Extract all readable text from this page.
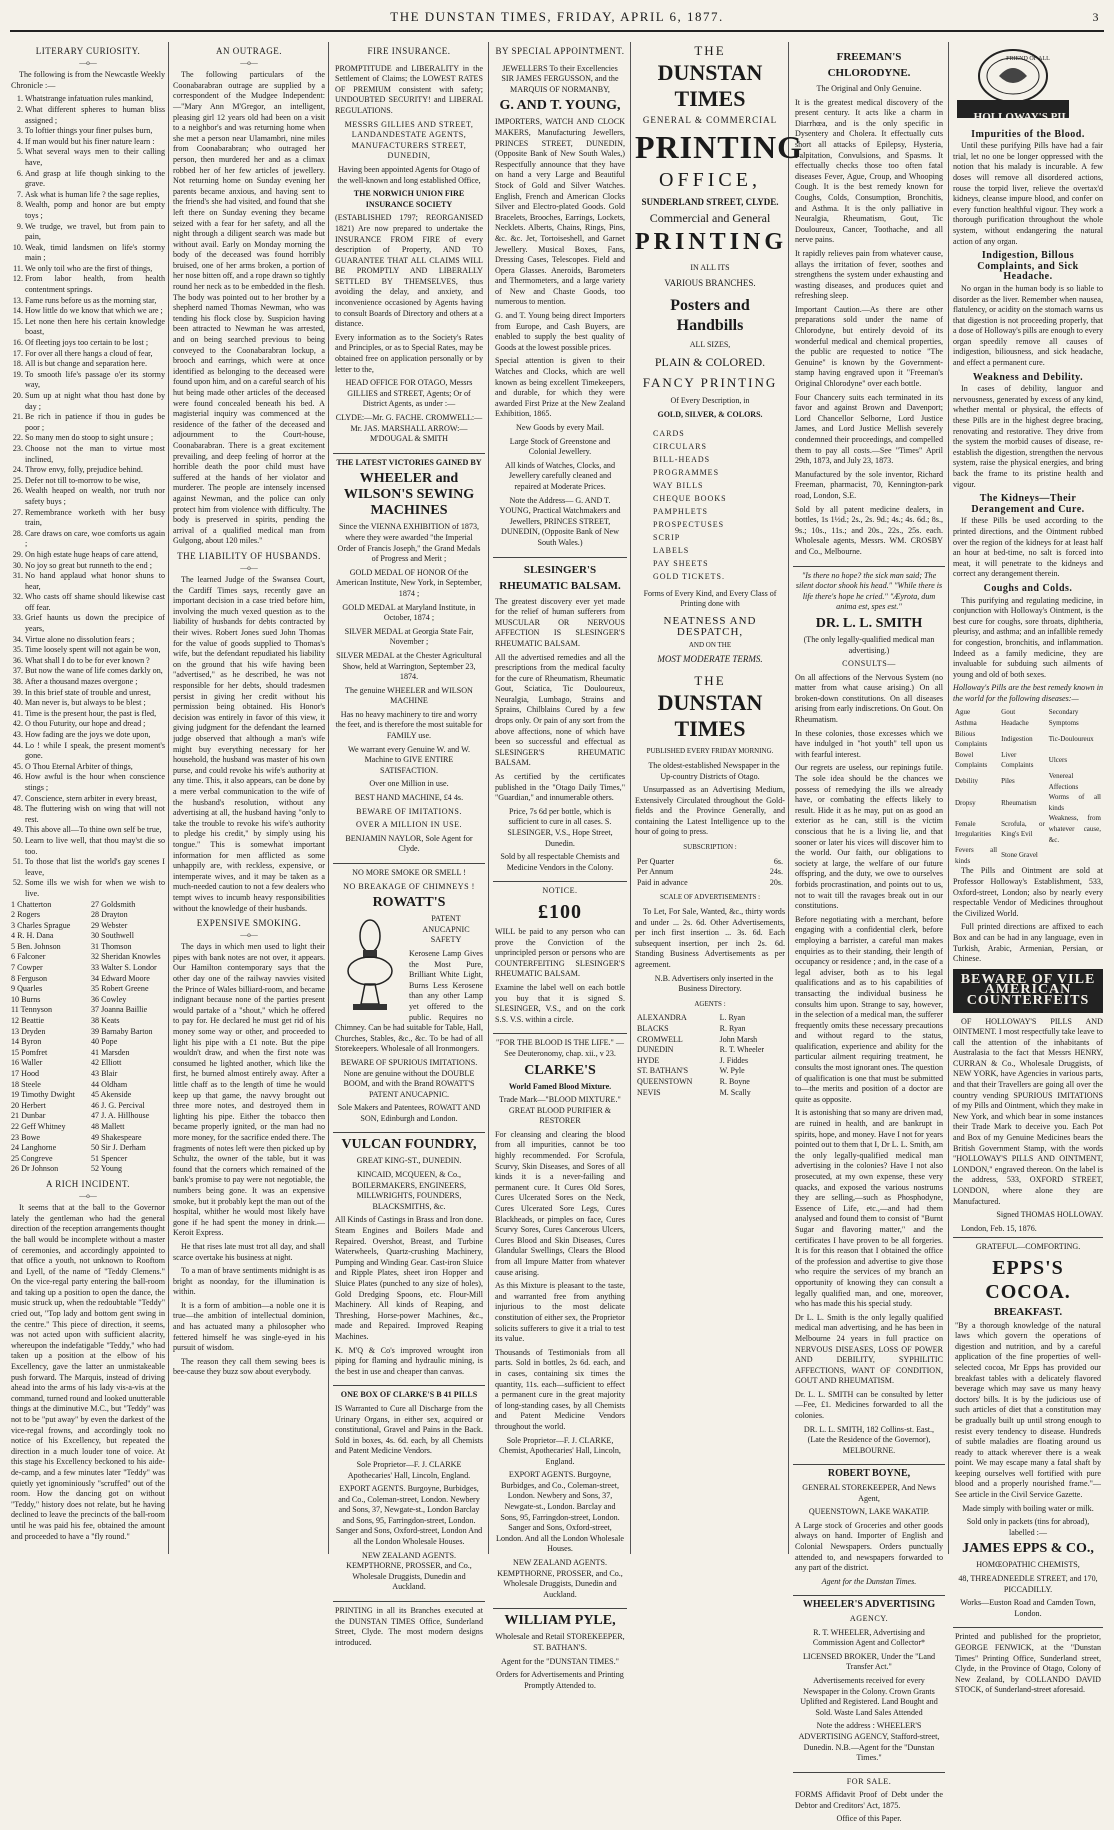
THE DUNSTAN TIMES, FRIDAY, APRIL 6, 1877.	3
LITERARY CURIOSITY.
—o—

The following is from the Newcastle Weekly Chronicle :—

1. Whatstrange infatuation rules mankind,
2. What different spheres to human bliss assigned ;
3. To loftier things your finer pulses burn,
4. If man would but his finer nature learn :
5. What several ways men to their calling have,
6. And grasp at life though sinking to the grave.
7. Ask what is human life ? the sage replies,
8. Wealth, pomp and honor are but empty toys ;
9. We trudge, we travel, but from pain to pain,
10. Weak, timid landsmen on life's stormy main ;
11. We only toil who are the first of things,
12. From labor health, from health contentment springs.
13. Fame runs before us as the morning star,
14. How little do we know that which we are ;
15. Let none then here his certain knowledge boast,
16. Of fleeting joys too certain to be lost ;
17. For over all there hangs a cloud of fear,
18. All is but change and separation here.
19. To smooth life's passage o'er its stormy way,
20. Sum up at night what thou hast done by day ;
21. Be rich in patience if thou in gudes be poor ;
22. So many men do stoop to sight unsure ;
23. Choose not the man to virtue most inclined,
24. Throw envy, folly, prejudice behind.
25. Defer not till to-morrow to be wise,
26. Wealth heaped on wealth, nor truth nor safety buys ;
27. Remembrance worketh with her busy train,
28. Care draws on care, woe comforts us again ;
29. On high estate huge heaps of care attend,
30. No joy so great but runneth to the end ;
31. No hand applaud what honor shuns to hear,
32. Who casts off shame should likewise cast off fear.
33. Grief haunts us down the precipice of years,
34. Virtue alone no dissolution fears ;
35. Time loosely spent will not again be won,
36. What shall I do to be for ever known ?
37. But now the wane of life comes darkly on,
38. After a thousand mazes overgone ;
39. In this brief state of trouble and unrest,
40. Man never is, but always to be blest ;
41. Time is the present hour, the past is fled,
42. O thou Futurity, our hope and dread ;
43. How fading are the joys we dote upon,
44. Lo ! while I speak, the present moment's gone.
45. O Thou Eternal Arbiter of things,
46. How awful is the hour when conscience stings ;
47. Conscience, stern arbiter in every breast,
48. The fluttering wish on wing that will not rest.
49. This above all—To thine own self be true,
50. Learn to live well, that thou may'st die so too.
51. To those that list the world's gay scenes I leave,
52. Some ills we wish for when we wish to live.
1 Chatterton	27 Goldsmith
2 Rogers	28 Drayton
3 Charles Sprague	29 Webster
4 R. H. Dana	30 Southwell
5 Ben. Johnson	31 Thomson
6 Falconer	32 Sheridan Knowles
7 Cowper	33 Walter S. Londor
8 Ferguson	34 Edward Moore
9 Quarles	35 Robert Greene
10 Burns	36 Cowley
11 Tennyson	37 Joanna Baillie
12 Beattie	38 Keats
13 Dryden	39 Barnaby Barton
14 Byron	40 Pope
15 Pomfret	41 Marsden
16 Waller	42 Elliott
17 Hood	43 Blair
18 Steele	44 Oldham
19 Timothy Dwight	45 Akenside
20 Herbert	46 J. G. Percival
21 Dunbar	47 J. A. Hillhouse
22 Geff Whitney	48 Mallett
23 Bowe	49 Shakespeare
24 Langhorne	50 Sir J. Derham
25 Congreve	51 Spencer
26 Dr Johnson	52 Young
A RICH INCIDENT.
—o—

It seems that at the ball to the Governor lately the gentleman who had the general direction of the reception arrangements thought the ball would be incomplete without a master of ceremonies, and accordingly appointed to that office a youth, not unknown to Rooftom and Lyell, of the name of "Teddy Clemens." On the vice-regal party entering the ball-room and taking up a position to open the dance, the music struck up, when the redoubtable "Teddy" cried out, "Top lady and bottom gent swing in the centre." This piece of direction, it seems, was not acted upon with sufficient alacrity, whereupon the indefatigable "Teddy," who had taken up a position at the elbow of his Excellency, gave the latter an unmistakeable push forward. The Marquis, instead of driving ahead into the arms of his lady vis-a-vis at the command, turned round and looked unutterable things at the diminutive M.C., but "Teddy" was not to be "put away" by even the darkest of the vice-regal frowns, and accordingly took no notice of his Excellency, but repeated the direction in a much louder tone of voice. At this stage his Excellency beckoned to his aide-de-camp, and a few minutes later "Teddy" was quietly yet ignominiously "scruffed" out of the room. How the dancing got on without "Teddy," history does not relate, but he having declined to leave the precincts of the ball-room until he was paid his fee, obtained the amount and proceeded to have a "fly round."

AN OUTRAGE.
—o—

The following particulars of the Coonabarabran outrage are supplied by a correspondent of the Mudgee Independent:—"Mary Ann M'Gregor, an intelligent, pleasing girl 12 years old had been on a visit to a neighbor's and was returning home when she met a person near Ulamambri, nine miles from Coonabarabran; who outraged her person, then murdered her and as a climax robbed her of her few articles of jewellery. Not returning home on Sunday evening her parents became anxious, and having sent to the friend's she had visited, and found that she left there on Sunday evening they became seized with a fear for her safety, and all the night through a diligent search was made but without avail. Early on Monday morning the body of the deceased was found horribly bruised, one of her arms broken, a portion of her nose bitten off, and a rope drawn so tightly round her neck as to be embedded in the flesh. The body was pointed out to her brother by a shepherd named Thomas Newman, who was tending his flock close by. Suspicion having been attracted to Newman he was arrested, and on being searched previous to being conveyed to the Coonabarabran lockup, a brooch and earrings, which were at once identified as belonging to the deceased were found upon him, and on a careful search of his hut being made other articles of the deceased were found concealed beneath his bed. A magisterial inquiry was commenced at the residence of the father of the deceased and adjournment to the Court-house, Coonabarabran. There is a great excitement prevailing, and deep feeling of horror at the horrible death the poor child must have suffered at the hands of her violator and murderer. The people are intensely incensed against Newman, and the police can only protect him from violence with difficulty. The body is preserved in spirits, pending the arrival of a qualified medical man from Gulgong, about 120 miles."

THE LIABILITY OF HUSBANDS.
—o—

The learned Judge of the Swansea Court, the Cardiff Times says, recently gave an important decision in a case tried before him, involving the much vexed question as to the liability of husbands for debts contracted by their wives. Robert Jones sued John Thomas for the value of goods supplied to Thomas's wife, but the defendant repudiated his liability on the ground that his wife having been "advertised," as he described, he was not responsible for her debts, should tradesmen persist in giving her credit without his permission being obtained. His Honor's decision was entirely in favor of this view, it giving judgment for the defendant the learned judge observed that although a man's wife might buy everything necessary for her household, the husband was master of his own purse, and could revoke his wife's authority at any time. This, it also appears, can be done by a mere verbal communication to the wife of the husband's resolution, without any advertising at all, the husband having "only to take the trouble to revoke his wife's authority to pledge his credit," by simply using his tongue." This is somewhat important information for men afflicted as some unhappily are, with reckless, expensive, or intemperate wives, and it may be taken as a much-needed caution to not a few dealers who tempt wives to incumb heavy responsibilities without the knowledge of their husbands.

EXPENSIVE SMOKING.
—o—

The days in which men used to light their pipes with bank notes are not over, it appears. Our Hamilton contemporary says that the other day one of the railway navvies visited the Prince of Wales billiard-room, and became indignant because none of the parties present would partake of a "shout," which he offered to pay for. He declared he must get rid of his money some way or other, and proceeded to light his pipe with a £1 note. But the pipe wouldn't draw, and when the first note was consumed he lighted another, which like the first, he burned almost entirely away. After a little chaff as to the length of time he would keep up that game, the navvy brought out three more notes, and destroyed them in lighting his pipe. Either the tobacco then became properly ignited, or the man had no more money, for the sacrifice ended there. The fragments of notes left were then picked up by Schultz, the owner of the table, but it was found that the corners which remained of the bank's promise to pay were not negotiable, the numbers being gone. It was an expensive smoke, but it probably kept the man out of the hospital, whither he would most likely have gone if he had spent the money in drink.—Keroit Express.

He that rises late must trot all day, and shall scarce overtake his business at night.

To a man of brave sentiments midnight is as bright as noonday, for the illumination is within.

It is a form of ambition—a noble one it is true—the ambition of intellectual dominion, and has actuated many a philosopher who fettered himself he was single-eyed in his pursuit of wisdom.

The reason they call them sewing bees is bee-cause they buzz sow about everybody.

FIRE INSURANCE.

PROMPTITUDE and LIBERALITY in the Settlement of Claims; the LOWEST RATES OF PREMIUM consistent with safety; UNDOUBTED SECURITY! and LIBERAL REGULATIONS.

MESSRS GILLIES AND STREET, LANDANDESTATE AGENTS, MANUFACTURERS STREET, DUNEDIN,

Having been appointed Agents for Otago of the well-known and long established Office,

THE NORWICH UNION FIRE INSURANCE SOCIETY

(ESTABLISHED 1797; REORGANISED 1821) Are now prepared to undertake the INSURANCE FROM FIRE of every description of Property, AND TO GUARANTEE THAT ALL CLAIMS WILL BE PROMPTLY AND LIBERALLY SETTLED BY THEMSELVES, thus avoiding the delay, and anxiety, and inconvenience occasioned by Agents having to consult Boards of Directory and others at a distance.

Every information as to the Society's Rates and Principles, or as to Special Rates, may be obtained free on application personally or by letter to the,

HEAD OFFICE FOR OTAGO, Messrs GILLIES and STREET, Agents; Or of District Agents, as under :—

CLYDE:—Mr. G. FACHE. CROMWELL:—Mr. JAS. MARSHALL ARROW:—M'DOUGAL & SMITH

THE LATEST VICTORIES GAINED BY

WHEELER and WILSON'S SEWING MACHINES

Since the VIENNA EXHIBITION of 1873, where they were awarded "the Imperial Order of Francis Joseph," the Grand Medals of Progress and Merit ;

GOLD MEDAL OF HONOR Of the American Institute, New York, in September, 1874 ;

GOLD MEDAL at Maryland Institute, in October, 1874 ;

SILVER MEDAL at Georgia State Fair, November ;

SILVER MEDAL at the Chester Agricultural Show, held at Warrington, September 23, 1874.

The genuine WHEELER and WILSON MACHINE

Has no heavy machinery to tire and worry the feet, and is therefore the most suitable for FAMILY use.

We warrant every Genuine W. and W. Machine to GIVE ENTIRE SATISFACTION.

Over one Million in use.

BEST HAND MACHINE, £4 4s.

BEWARE OF IMITATIONS.

OVER A MILLION IN USE.

BENJAMIN NAYLOR, Sole Agent for Clyde.

NO MORE SMOKE OR SMELL !

NO BREAKAGE OF CHIMNEYS !

ROWATT'S

PATENT ANUCAPNIC SAFETY

Kerosene Lamp Gives the Most Pure, Brilliant White Light, Burns Less Kerosene than any other Lamp yet offered to the public. Requires no Chimney. Can be had suitable for Table, Hall, Churches, Stables, &c., &c. To be had of all Storekeepers. Wholesale of all Ironmongers.

BEWARE OF SPURIOUS IMITATIONS. None are genuine without the DOUBLE BOOM, and with the Brand ROWATT'S PATENT ANUCAPNIC.

Sole Makers and Patentees, ROWATT AND SON, Edinburgh and London.

VULCAN FOUNDRY,

GREAT KING-ST., DUNEDIN.

KINCAID, MCQUEEN, & Co., BOILERMAKERS, ENGINEERS, MILLWRIGHTS, FOUNDERS, BLACKSMITHS, &c.

All Kinds of Castings in Brass and Iron done. Steam Engines and Boilers Made and Repaired. Overshot, Breast, and Turbine Waterwheels, Quartz-crushing Machinery, Pumping and Winding Gear. Cast-iron Sluice and Ripple Plates, sheet iron Hopper and Sluice Plates (punched to any size of holes), Gold Dredging Spoons, etc. Flour-Mill Machinery. All kinds of Reaping, and Threshing, Horse-power Machines, &c., made and Repaired. Improved Reaping Machines.

K. M'Q & Co's improved wrought iron piping for flaming and hydraulic mining, is the best in use and cheaper than canvas.

ONE BOX OF CLARKE'S B 41 PILLS

IS Warranted to Cure all Discharge from the Urinary Organs, in either sex, acquired or constitutional, Gravel and Pains in the Back. Sold in boxes, 4s. 6d. each, by all Chemists and Patent Medicine Vendors.

Sole Proprietor—F. J. CLARKE Apothecaries' Hall, Lincoln, England.

EXPORT AGENTS. Burgoyne, Burbidges, and Co., Coleman-street, London. Newbery and Sons, 37, Newgate-st., London Barclay and Sons, 95, Farringdon-street, London. Sanger and Sons, Oxford-street, London And all the London Wholesale Houses.

NEW ZEALAND AGENTS. KEMPTHORNE, PROSSER, and Co., Wholesale Druggists, Dunedin and Auckland.

PRINTING in all its Branches executed at the DUNSTAN TIMES Office, Sunderland Street, Clyde. The most modern designs introduced.

BY SPECIAL APPOINTMENT.

JEWELLERS To their Excellencies SIR JAMES FERGUSSON, and the MARQUIS OF NORMANBY,

G. AND T. YOUNG,

IMPORTERS, WATCH AND CLOCK MAKERS, Manufacturing Jewellers, PRINCES STREET, DUNEDIN, (Opposite Bank of New South Wales,) Respectfully announce that they have on hand a very Large and Beautiful Stock of Gold and Silver Watches. English, French and American Clocks Silver and Electro-plated Goods. Gold Bracelets, Brooches, Earrings, Lockets, Necklets. Alberts, Chains, Rings, Pins, &c. &c. Jet, Tortoiseshell, and Garnet Jewellery. Musical Boxes, Fans, Dressing Cases, Telescopes. Field and Opera Glasses. Aneroids, Barometers and Thermometers, and a large variety of New and Chaste Goods, too numerous to mention.

G. and T. Young being direct Importers from Europe, and Cash Buyers, are enabled to supply the best quality of Goods at the lowest possible prices.

Special attention is given to their Watches and Clocks, which are well known as being excellent Timekeepers, and durable, for which they were awarded First Prize at the New Zealand Exhibition, 1865.

New Goods by every Mail.

Large Stock of Greenstone and Colonial Jewellery.

All kinds of Watches, Clocks, and Jewellery carefully cleaned and repaired at Moderate Prices.

Note the Address— G. AND T. YOUNG, Practical Watchmakers and Jewellers, PRINCES STREET, DUNEDIN, (Opposite Bank of New South Wales.)

SLESINGER'S RHEUMATIC BALSAM.

The greatest discovery ever yet made for the relief of human sufferers from MUSCULAR OR NERVOUS AFFECTION IS SLESINGER'S RHEUMATIC BALSAM.

All the advertised remedies and all the prescriptions from the medical faculty for the cure of Rheumatism, Rheumatic Gout, Sciatica, Tic Douloureux, Neuralgia, Lumbago, Strains and Sprains, Chilblains Cured by a few drops only. Or pain of any sort from the above affections, none of which have been so successful and effectual as SLESINGER'S RHEUMATIC BALSAM.

As certified by the certificates published in the "Otago Daily Times," "Guardian," and innumerable others.

Price, 7s 6d per bottle, which is sufficient to cure in all cases. S. SLESINGER, V.S., Hope Street, Dunedin.

Sold by all respectable Chemists and Medicine Vendors in the Colony.

NOTICE.

£100

WILL be paid to any person who can prove the Conviction of the unprincipled person or persons who are COUNTERFEITING SLESINGER'S RHEUMATIC BALSAM.

Examine the label well on each bottle you buy that it is signed S. SLESINGER, V.S., and on the cork S.S. V.S. within a circle.

"FOR THE BLOOD IS THE LIFE." —See Deuteronomy, chap. xii., v 23.

CLARKE'S

World Famed Blood Mixture.

Trade Mark—"BLOOD MIXTURE." GREAT BLOOD PURIFIER & RESTORER

For cleansing and clearing the blood from all impurities, cannot be too highly recommended. For Scrofula, Scurvy, Skin Diseases, and Sores of all kinds it is a never-failing and permanent cure. It Cures Old Sores, Cures Ulcerated Sores on the Neck, Cures Ulcerated Sore Legs, Cures Blackheads, or pimples on face, Cures Scurvy Sores, Cures Cancerous Ulcers, Cures Blood and Skin Diseases, Cures Glandular Swellings, Clears the Blood from all Impure Matter from whatever cause arising.

As this Mixture is pleasant to the taste, and warranted free from anything injurious to the most delicate constitution of either sex, the Proprietor solicits sufferers to give it a trial to test its value.

Thousands of Testimonials from all parts. Sold in bottles, 2s 6d. each, and in cases, containing six times the quantity, 11s. each—sufficient to effect a permanent cure in the great majority of long-standing cases, by all Chemists and Patent Medicine Vendors throughout the world.

Sole Proprietor—F. J. CLARKE, Chemist, Apothecaries' Hall, Lincoln, England.

EXPORT AGENTS. Burgoyne, Burbidges, and Co., Coleman-street, London. Newbery and Sons, 37, Newgate-st., London. Barclay and Sons, 95, Farringdon-street, London. Sanger and Sons, Oxford-street, London. And all the London Wholesale Houses.

NEW ZEALAND AGENTS. KEMPTHORNE, PROSSER, and Co., Wholesale Druggists, Dunedin and Auckland.

WILLIAM PYLE,

Wholesale and Retail STOREKEEPER, ST. BATHAN'S.

Agent for the "DUNSTAN TIMES."

Orders for Advertisements and Printing Promptly Attended to.

THE
DUNSTAN TIMES
GENERAL & COMMERCIAL
PRINTING
OFFICE,
SUNDERLAND STREET, CLYDE.
Commercial and General
PRINTING
IN ALL ITS
VARIOUS BRANCHES.
Posters and Handbills
ALL SIZES,
PLAIN & COLORED.
FANCY PRINTING
Of Every Description, in
GOLD, SILVER, & COLORS.
CARDS
CIRCULARS
BILL-HEADS
PROGRAMMES
WAY BILLS
CHEQUE BOOKS
PAMPHLETS
PROSPECTUSES
SCRIP
LABELS
PAY SHEETS
GOLD TICKETS.
Forms of Every Kind, and Every Class of Printing done with
NEATNESS AND DESPATCH,
AND ON THE
MOST MODERATE TERMS.
THE
DUNSTAN TIMES
PUBLISHED EVERY FRIDAY MORNING.

The oldest-established Newspaper in the Up-country Districts of Otago.

Unsurpassed as an Advertising Medium, Extensively Circulated throughout the Gold-fields and the Province Generally, and containing the Latest Intelligence up to the hour of going to press.

SUBSCRIPTION :
Per Quarter	6s.
Per Annum	24s.
Paid in advance	20s.
SCALE OF ADVERTISEMENTS :

To Let, For Sale, Wanted, &c., thirty words and under ... 2s. 6d. Other Advertisements, per inch first insertion ... 3s. 6d. Each subsequent insertion, per inch 2s. 6d. Standing Business Advertisements as per agreement.

N.B. Advertisers only inserted in the Business Directory.

AGENTS :
ALEXANDRA	L. Ryan
BLACKS	R. Ryan
CROMWELL	John Marsh
DUNEDIN	R. T. Wheeler
HYDE	J. Fiddes
ST. BATHAN'S	W. Pyle
QUEENSTOWN	R. Boyne
NEVIS	M. Scally

FREEMAN'S CHLORODYNE.

The Original and Only Genuine.

It is the greatest medical discovery of the present century. It acts like a charm in Diarrhœa, and is the only specific in Dysentery and Cholera. It effectually cuts short all attacks of Epilepsy, Hysteria, Palpitation, Convulsions, and Spasms. It effectually checks those too often fatal diseases Fever, Ague, Croup, and Whooping Cough. It is the best remedy known for Coughs, Colds, Consumption, Bronchitis, and Asthma. It is the only palliative in Neuralgia, Rheumatism, Gout, Tic Douloureux, Cancer, Toothache, and all nerve pains.

It rapidly relieves pain from whatever cause, allays the irritation of fever, soothes and strengthens the system under exhausting and wasting diseases, and produces quiet and refreshing sleep.

Important Caution.—As there are other preparations sold under the name of Chlorodyne, but entirely devoid of its wonderful medical and chemical properties, the public are requested to notice "The Genuine" is known by the Government-stamp having engraved upon it "Freeman's Original Chlorodyne" over each bottle.

Four Chancery suits each terminated in its favor and against Brown and Davenport; Lord Chancellor Selborne, Lord Justice James, and Lord Justice Mellish severely condemned their proceedings, and compelled them to pay all costs.—See "Times" April 29th, 1873, and July 23, 1873.

Manufactured by the sole inventor, Richard Freeman, pharmacist, 70, Kennington-park road, London, S.E.

Sold by all patent medicine dealers, in bottles, 1s 1½d.; 2s., 2s. 9d.; 4s.; 4s. 6d.; 8s., 9s.; 10s., 11s.; and 20s., 22s., 25s. each. Wholesale agents, Messrs. WM. CROSBY and Co., Melbourne.

"Is there no hope? the sick man said; The silent doctor shook his head." "While there is life there's hope he cried." "Æyrota, dum anima est, spes est."

DR. L. L. SMITH

(The only legally-qualified medical man advertising.)

CONSULTS—

On all affections of the Nervous System (no matter from what cause arising.) On all broken-down constitutions. On all diseases arising from early indiscretions. On Gout. On Rheumatism.

In these colonies, those excesses which we have indulged in "hot youth" tell upon us with fearful interest.

Our regrets are useless, our repinings futile. The sole idea should be the chances we possess of remedying the ills we already have, or combating the effects likely to result. Hide it as he may, put on as good an exterior as he can, still is the victim conscious that he is a living lie, and that sooner or later his vices will discover him to the world. Our faith, our obligations to society at large, the welfare of our future offspring, and the duty, we owe to ourselves forbids procrastination, and points out to us, not to wait till the ravages break out in our constitutions.

Before negotiating with a merchant, before engaging with a confidential clerk, before employing a barrister, a careful man makes enquiries as to their standing, their length of occupancy or residence ; and, in the case of a legal adviser, both as to his legal qualifications and as to his capabilities of transacting the individual business he consults him upon. Strange to say, however, in the selection of a medical man, the sufferer frequently omits these necessary precautions and without regard to the status, qualification, experience and ability for the particular ailment requiring treatment, he consults the most ignorant ones. The question of qualification is one that must be submitted to—the merits and position of a doctor are quite as opposite.

It is astonishing that so many are driven mad, are ruined in health, and are bankrupt in spirits, hope, and money. Have I not for years pointed out to them that I, Dr L. L. Smith, am the only legally-qualified medical man advertising in the colonies? Have I not also prosecuted, at my own expense, these very quacks, and exposed the various nostrums they are selling,—such as Phosphodyne, Essence of Life, etc.,—and had them analysed and found them to consist of "Burnt Sugar and flavoring matter," and the certificates I have proven to be all forgeries. It is for this reason that I obtained the office of the profession and advertise to give those who require the services of my branch an opportunity of knowing they can consult a legally qualified man, and one, moreover, who has made this his special study.

Dr L. L. Smith is the only legally qualified medical man advertising, and he has been in Melbourne 24 years in full practice on NERVOUS DISEASES, LOSS OF POWER AND DEBILITY, SYPHILITIC AFFECTIONS, WANT OF CONDITION, GOUT AND RHEUMATISM.

Dr. L. L. SMITH can be consulted by letter—Fee, £1. Medicines forwarded to all the colonies.

DR. L. L. SMITH, 182 Collins-st. East., (Late the Residence of the Governor), MELBOURNE.

ROBERT BOYNE,

GENERAL STOREKEEPER, And News Agent,

QUEENSTOWN, LAKE WAKATIP.

A Large stock of Groceries and other goods always on hand. Importer of English and Colonial Newspapers. Orders punctually attended to, and newspapers forwarded to any part of the district.

Agent for the Dunstan Times.

WHEELER'S ADVERTISING

AGENCY.

R. T. WHEELER, Advertising and Commission Agent and Collector*

LICENSED BROKER, Under the "Land Transfer Act."

Advertisements received for every Newspaper in the Colony. Crown Grants Uplifted and Registered. Land Bought and Sold. Waste Land Sales Attended

Note the address : WHEELER'S ADVERTISING AGENCY, Stafford-street, Dunedin. N.B.—Agent for the "Dunstan Times."

FOR SALE.

FORMS Affidavit Proof of Debt under the Debtor and Creditors' Act, 1875.

Office of this Paper.

FRIEND OF ALL
HOLLOWAY'S PILLS
Impurities of the Blood.

Until these purifying Pills have had a fair trial, let no one be longer oppressed with the notion that his malady is incurable. A few doses will remove all disordered actions, rouse the torpid liver, relieve the overtax'd kidneys, cleanse impure blood, and confer on every function healthful vigour. They work a thorough purification throughout the whole system, without endangering the natural action of any organ.

Indigestion, Billous Complaints, and Sick Headache.

No organ in the human body is so liable to disorder as the liver. Remember when nausea, flatulency, or acidity on the stomach warns us that digestion is not proceeding properly, that a dose of Holloway's pills are enough to every organ speedily remove all causes of indigestion, biliousness, and sick headache, and effect a permanent cure.

Weakness and Debility.

In cases of debility, languor and nervousness, generated by excess of any kind, whether mental or physical, the effects of these Pills are in the highest degree bracing, renovating and restorative. They drive from the system the morbid causes of disease, re-establish the digestion, strengthen the nervous system, raise the physical energies, and bring back the frame to its pristine health and vigour.

The Kidneys—Their Derangement and Cure.

If these Pills be used according to the printed directions, and the Ointment rubbed over the region of the kidneys for at least half an hour at bed-time, no salt is forced into meat, it will penetrate to the kidneys and correct any derangement therein.

Coughs and Colds.

This purifying and regulating medicine, in conjunction with Holloway's Ointment, is the best cure for coughs, sore throats, diphtheria, pleurisy, and asthma; and an infallible remedy for congestion, bronchitis, and inflammation. Indeed as a family medicine, they are invaluable for subduing such ailments of young and old of both sexes.

Holloway's Pills are the best remedy known in the world for the following diseases:—

Ague	Gout	Secondary
Asthma	Headache	Symptoms
Bilious Complaints	Indigestion	Tic-Douloureux
Bowel Complaints	Liver Complaints	Ulcers
Debility	Piles	Venereal Affections
Dropsy	Rheumatism	Worms of all kinds
Female Irregularities	Scrofula, or King's Evil	Weakness, from whatever cause, &c.
Fevers all kinds	Stone Gravel	

The Pills and Ointment are sold at Professor Holloway's Establishment, 533, Oxford-street, London; also by nearly every respectable Vendor of Medicines throughout the Civilized World.

Full printed directions are affixed to each Box and can be had in any language, even in Turkish, Arabic, Armenian, Persian, or Chinese.

BEWARE OF VILE AMERICAN COUNTERFEITS

OF HOLLOWAY'S PILLS AND OINTMENT. I most respectfully take leave to call the attention of the inhabitants of Australasia to the fact that Messrs HENRY, CURRAN & Co., Wholesale Druggists, of NEW YORK, have Agencies in various parts, and that their Travellers are going all over the country vending SPURIOUS IMITATIONS of my Pills and Ointment, which they make in New York, and which bear in some instances their Trade Mark to deceive you. Each Pot and Box of my Genuine Medicines bears the British Government Stamp, with the words "HOLLOWAY'S PILLS AND OINTMENT, LONDON," engraved thereon. On the label is the address, 533, OXFORD STREET, LONDON, where alone they are Manufactured.

Signed THOMAS HOLLOWAY.

London, Feb. 15, 1876.

GRATEFUL—COMFORTING.

EPPS'S COCOA.

BREAKFAST.

"By a thorough knowledge of the natural laws which govern the operations of digestion and nutrition, and by a careful application of the fine properties of well-selected cocoa, Mr Epps has provided our breakfast tables with a delicately flavored beverage which may save us many heavy doctors' bills. It is by the judicious use of such articles of diet that a constitution may be gradually built up until strong enough to resist every tendency to disease. Hundreds of subtle maladies are floating around us ready to attack wherever there is a weak point. We may escape many a fatal shaft by keeping ourselves well fortified with pure blood and a properly nourished frame."—See article in the Civil Service Gazette.

Made simply with boiling water or milk.

Sold only in packets (tins for abroad), labelled :—

JAMES EPPS & CO.,

HOMŒOPATHIC CHEMISTS,

48, THREADNEEDLE STREET, and 170, PICCADILLY.

Works—Euston Road and Camden Town, London.

Printed and published for the proprietor, GEORGE FENWICK, at the "Dunstan Times" Printing Office, Sunderland street, Clyde, in the Province of Otago, Colony of New Zealand, by COLLANDO DAVID STOCK, of Sunderland-street aforesaid.
